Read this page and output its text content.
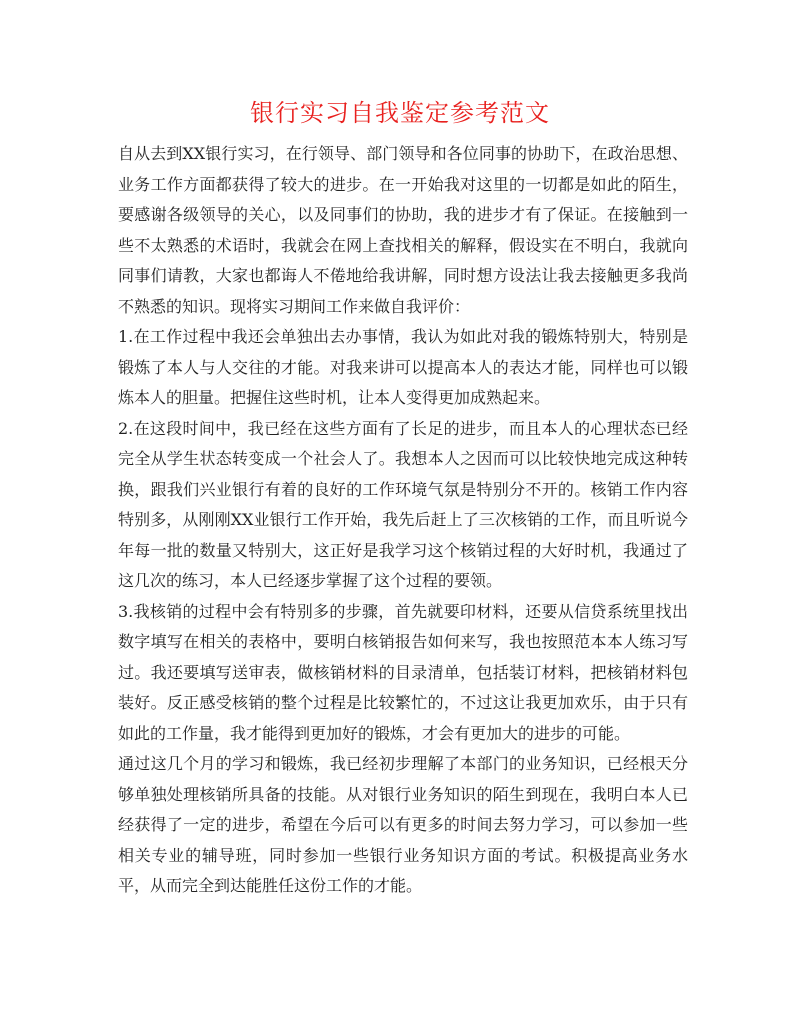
银行实习自我鉴定参考范文

自从去到XX银行实习，在行领导、部门领导和各位同事的协助下，在政治思想、业务工作方面都获得了较大的进步。在一开始我对这里的一切都是如此的陌生，要感谢各级领导的关心，以及同事们的协助，我的进步才有了保证。在接触到一些不太熟悉的术语时，我就会在网上查找相关的解释，假设实在不明白，我就向同事们请教，大家也都诲人不倦地给我讲解，同时想方设法让我去接触更多我尚不熟悉的知识。现将实习期间工作来做自我评价：

1.在工作过程中我还会单独出去办事情，我认为如此对我的锻炼特别大，特别是锻炼了本人与人交往的才能。对我来讲可以提高本人的表达才能，同样也可以锻炼本人的胆量。把握住这些时机，让本人变得更加成熟起来。

2.在这段时间中，我已经在这些方面有了长足的进步，而且本人的心理状态已经完全从学生状态转变成一个社会人了。我想本人之因而可以比较快地完成这种转换，跟我们兴业银行有着的良好的工作环境气氛是特别分不开的。核销工作内容特别多，从刚刚XX业银行工作开始，我先后赶上了三次核销的工作，而且听说今年每一批的数量又特别大，这正好是我学习这个核销过程的大好时机，我通过了这几次的练习，本人已经逐步掌握了这个过程的要领。

3.我核销的过程中会有特别多的步骤，首先就要印材料，还要从信贷系统里找出数字填写在相关的表格中，要明白核销报告如何来写，我也按照范本本人练习写过。我还要填写送审表，做核销材料的目录清单，包括装订材料，把核销材料包装好。反正感受核销的整个过程是比较繁忙的，不过这让我更加欢乐，由于只有如此的工作量，我才能得到更加好的锻炼，才会有更加大的进步的可能。

通过这几个月的学习和锻炼，我已经初步理解了本部门的业务知识，已经根天分够单独处理核销所具备的技能。从对银行业务知识的陌生到现在，我明白本人已经获得了一定的进步，希望在今后可以有更多的时间去努力学习，可以参加一些相关专业的辅导班，同时参加一些银行业务知识方面的考试。积极提高业务水平，从而完全到达能胜任这份工作的才能。
